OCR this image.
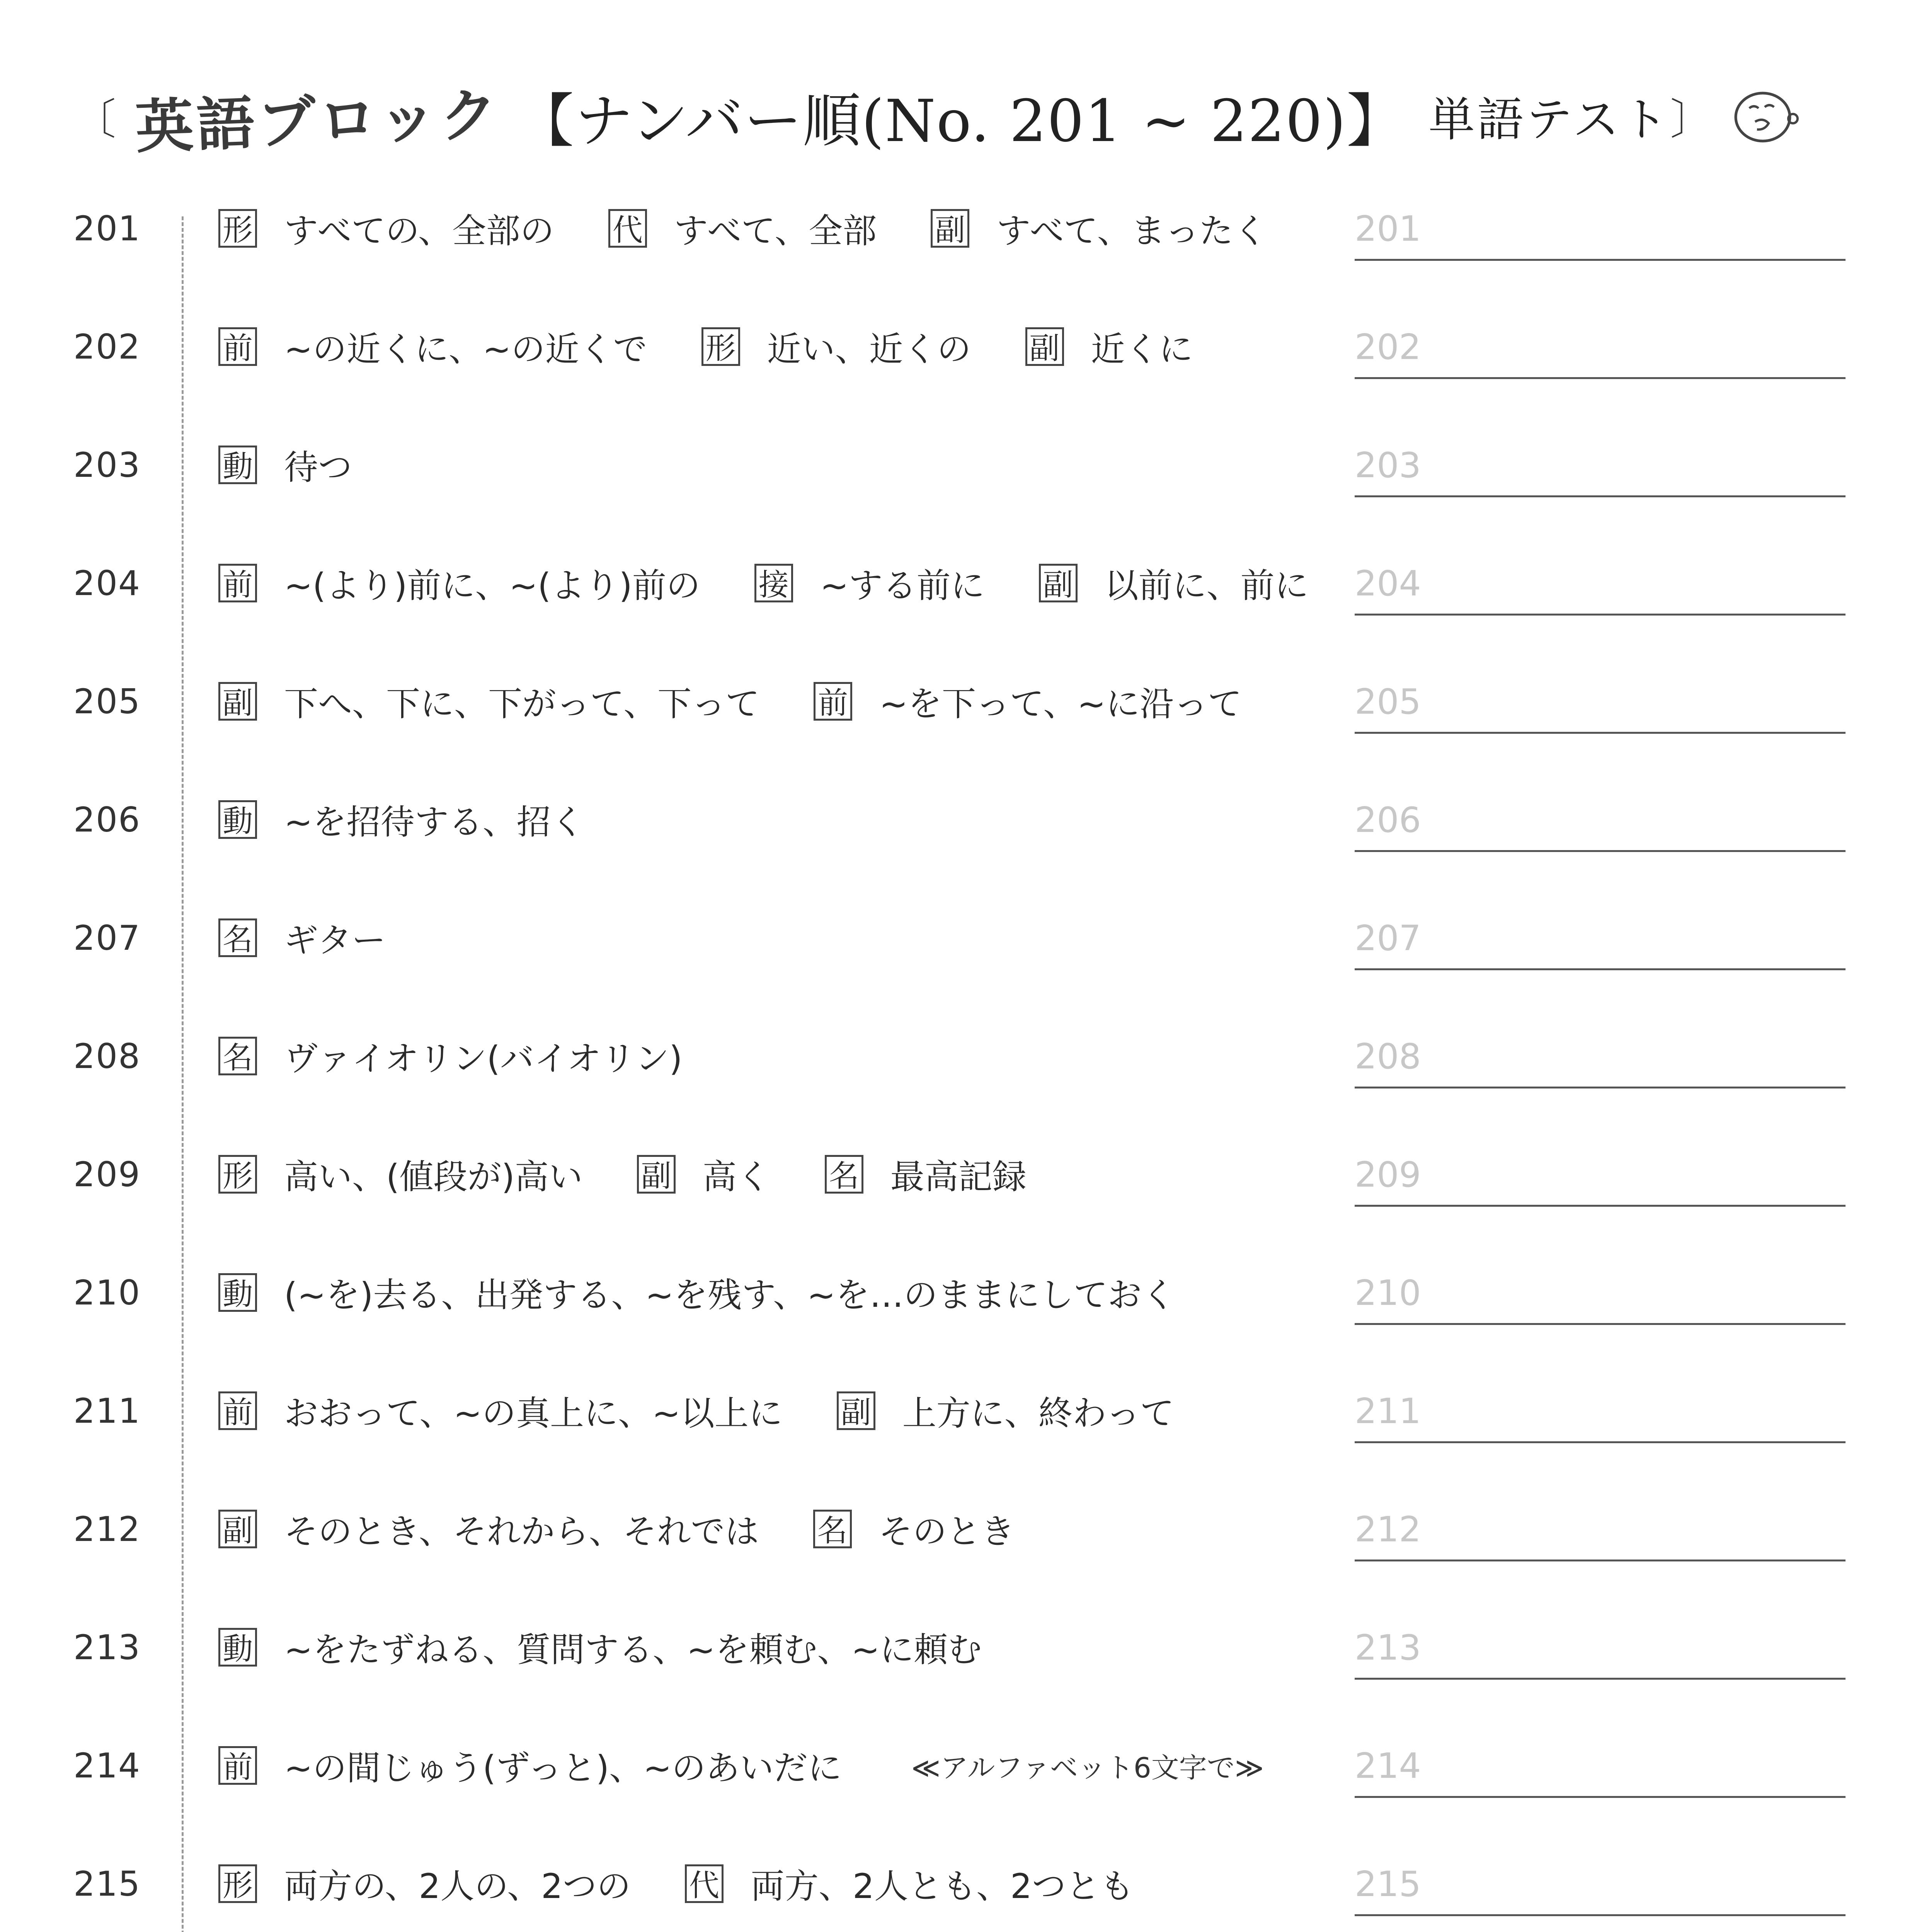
〔 英語ブロック 【ナンバー順(No. 201 ~ 220)】 単語テスト 〕
201	形 すべての、全部の 代 すべて、全部 副 すべて、まったく	201
202	前 ~の近くに、~の近くで 形 近い、近くの 副 近くに	202
203	動 待つ	203
204	前 ~(より)前に、~(より)前の 接 ~する前に 副 以前に、前に 204
205	副 下へ、下に、下がって、下って 前 ~を下って、~に沿って	205
206	動 ~を招待する、招く	206
207	名 ギター	207
208	名 ヴァイオリン(バイオリン)	208
209	形 高い、(値段が)高い 副 高く 名 最高記録	209
210	動 (~を)去る、出発する、~を残す、~を…のままにしておく	210
211	前 おおって、~の真上に、~以上に 副 上方に、終わって	211
212	副 そのとき、それから、それでは 名 そのとき	212
213	動 ~をたずねる、質問する、~を頼む、~に頼む	213
214	前 ~の間じゅう(ずっと)、~のあいだに	≪アルファベット6文字で≫	214
215	形 両方の、2人の、2つの 代 両方、2人とも、2つとも	215
